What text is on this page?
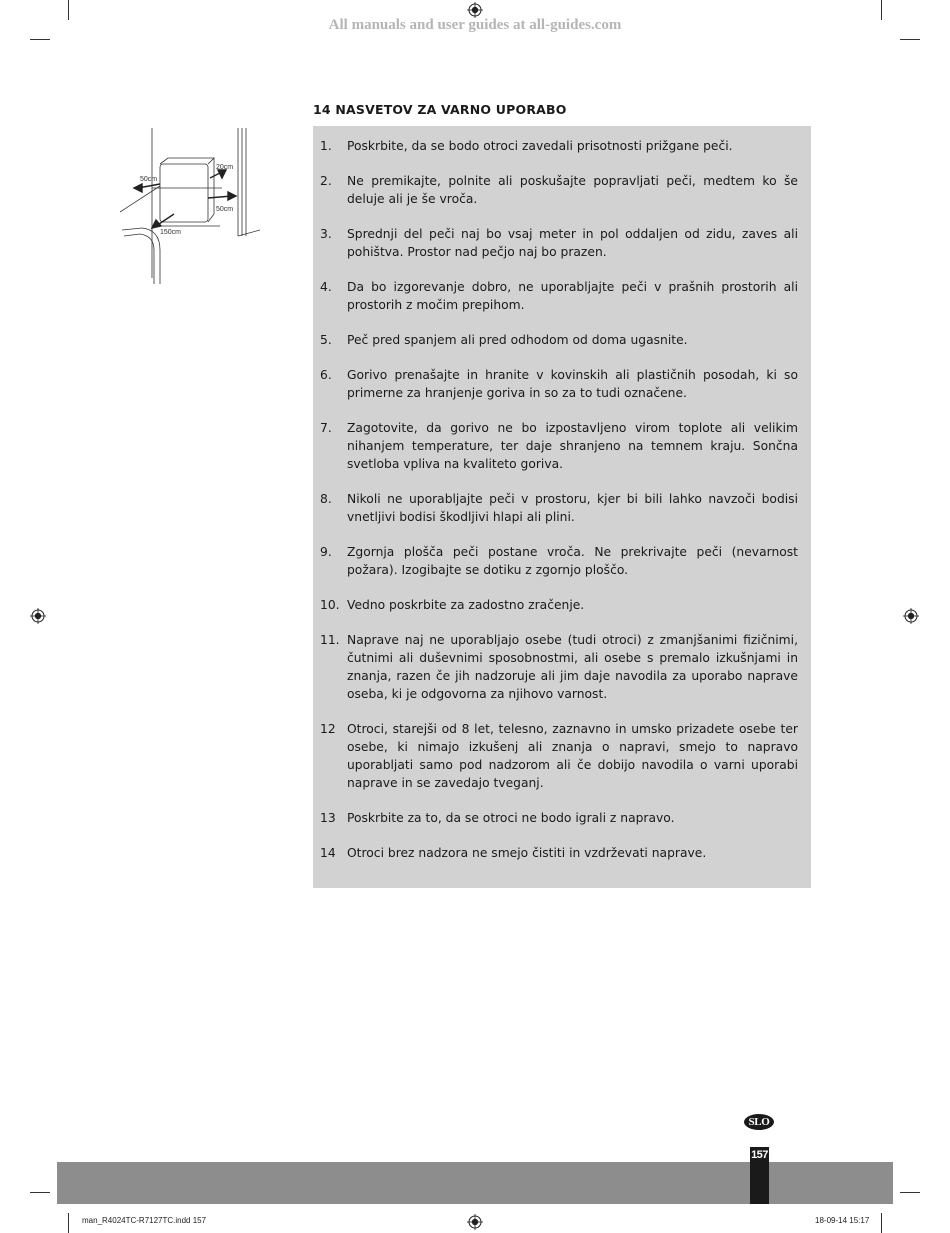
All manuals and user guides at all-guides.com
50cm
20cm
50cm
150cm
14 NASVETOV ZA VARNO UPORABO
1.	Poskrbite, da se bodo otroci zavedali prisotnosti prižgane peči.
2.	Ne premikajte, polnite ali poskušajte popravljati peči, medtem ko še deluje ali je še vroča.
3.	Sprednji del peči naj bo vsaj meter in pol oddaljen od zidu, zaves ali pohištva. Prostor nad pečjo naj bo prazen.
4.	Da bo izgorevanje dobro, ne uporabljajte peči v prašnih prostorih ali prostorih z močim prepihom.
5.	Peč pred spanjem ali pred odhodom od doma ugasnite.
6.	Gorivo prenašajte in hranite v kovinskih ali plastičnih posodah, ki so primerne za hranjenje goriva in so za to tudi označene.
7.	Zagotovite, da gorivo ne bo izpostavljeno virom toplote ali velikim nihanjem temperature, ter daje shranjeno na temnem kraju. Sončna svetloba vpliva na kvaliteto goriva.
8.	Nikoli ne uporabljajte peči v prostoru, kjer bi bili lahko navzoči bodisi vnetljivi bodisi škodljivi hlapi ali plini.
9.	Zgornja plošča peči postane vroča. Ne prekrivajte peči (nevarnost požara). Izogibajte se dotiku z zgornjo ploščo.
10. Vedno poskrbite za zadostno zračenje.
11. Naprave naj ne uporabljajo osebe (tudi otroci) z zmanjšanimi fizičnimi, čutnimi ali duševnimi sposobnostmi, ali osebe s premalo izkušnjami in znanja, razen če jih nadzoruje ali jim daje navodila za uporabo naprave oseba, ki je odgovorna za njihovo varnost.
12 Otroci, starejši od 8 let, telesno, zaznavno in umsko prizadete osebe ter osebe, ki nimajo izkušenj ali znanja o napravi, smejo to napravo uporabljati samo pod nadzorom ali če dobijo navodila o varni uporabi naprave in se zavedajo tveganj.
13 Poskrbite za to, da se otroci ne bodo igrali z napravo.
14 Otroci brez nadzora ne smejo čistiti in vzdrževati naprave.
SLO
157
man_R4024TC-R7127TC.indd 157	18-09-14 15:17
